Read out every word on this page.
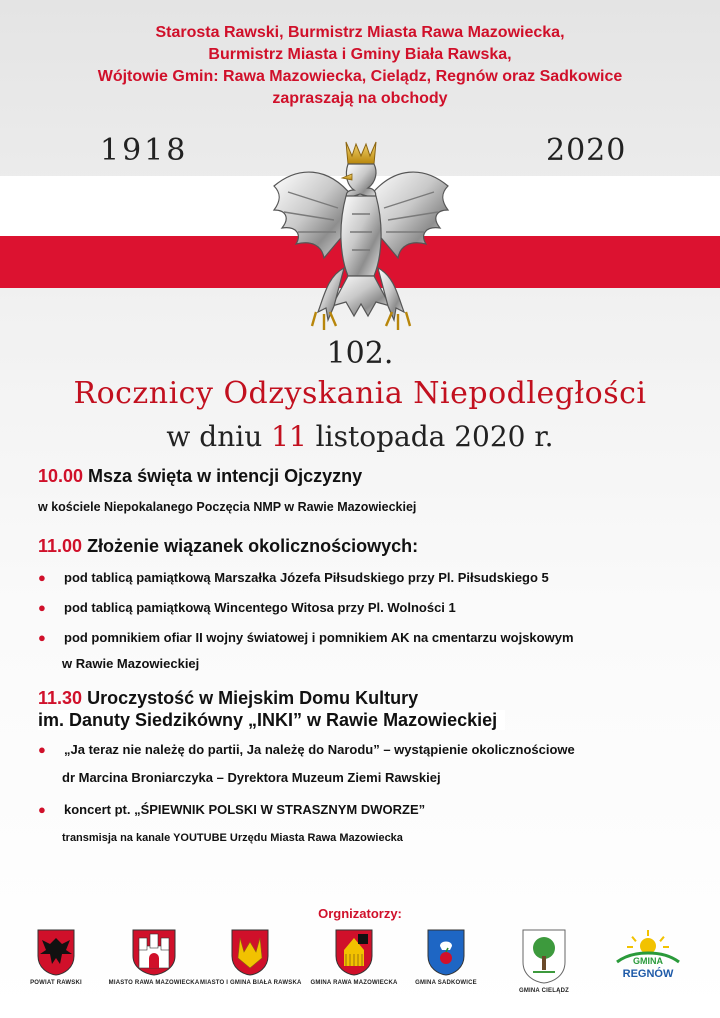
Starosta Rawski, Burmistrz Miasta Rawa Mazowiecka,
Burmistrz Miasta i Gminy Biała Rawska,
Wójtowie Gmin: Rawa Mazowiecka, Cielądz, Regnów oraz Sadkowice
zapraszają na obchody
1918	2020
102.
Rocznicy Odzyskania Niepodległości
w dniu 11 listopada 2020 r.
10.00 Msza święta w intencji Ojczyzny
w kościele Niepokalanego Poczęcia NMP w Rawie Mazowieckiej
11.00 Złożenie wiązanek okolicznościowych:
● pod tablicą pamiątkową Marszałka Józefa Piłsudskiego przy Pl. Piłsudskiego 5
● pod tablicą pamiątkową Wincentego Witosa przy Pl. Wolności 1
● pod pomnikiem ofiar II wojny światowej i pomnikiem AK na cmentarzu wojskowym
w Rawie Mazowieckiej
11.30 Uroczystość w Miejskim Domu Kultury
im. Danuty Siedzikówny „INKI” w Rawie Mazowieckiej
● „Ja teraz nie należę do partii, Ja należę do Narodu” – wystąpienie okolicznościowe
dr Marcina Broniarczyka – Dyrektora Muzeum Ziemi Rawskiej
● koncert pt. „ŚPIEWNIK POLSKI W STRASZNYM DWORZE”
transmisja na kanale YOUTUBE Urzędu Miasta Rawa Mazowiecka
Orgnizatorzy:
POWIAT RAWSKI	MIASTO RAWA MAZOWIECKA MIASTO I GMINA BIAŁA RAWSKA	GMINA RAWA MAZOWIECKA	GMINA SADKOWICE
GMINA CIELĄDZ
GMINA
REGNÓW
